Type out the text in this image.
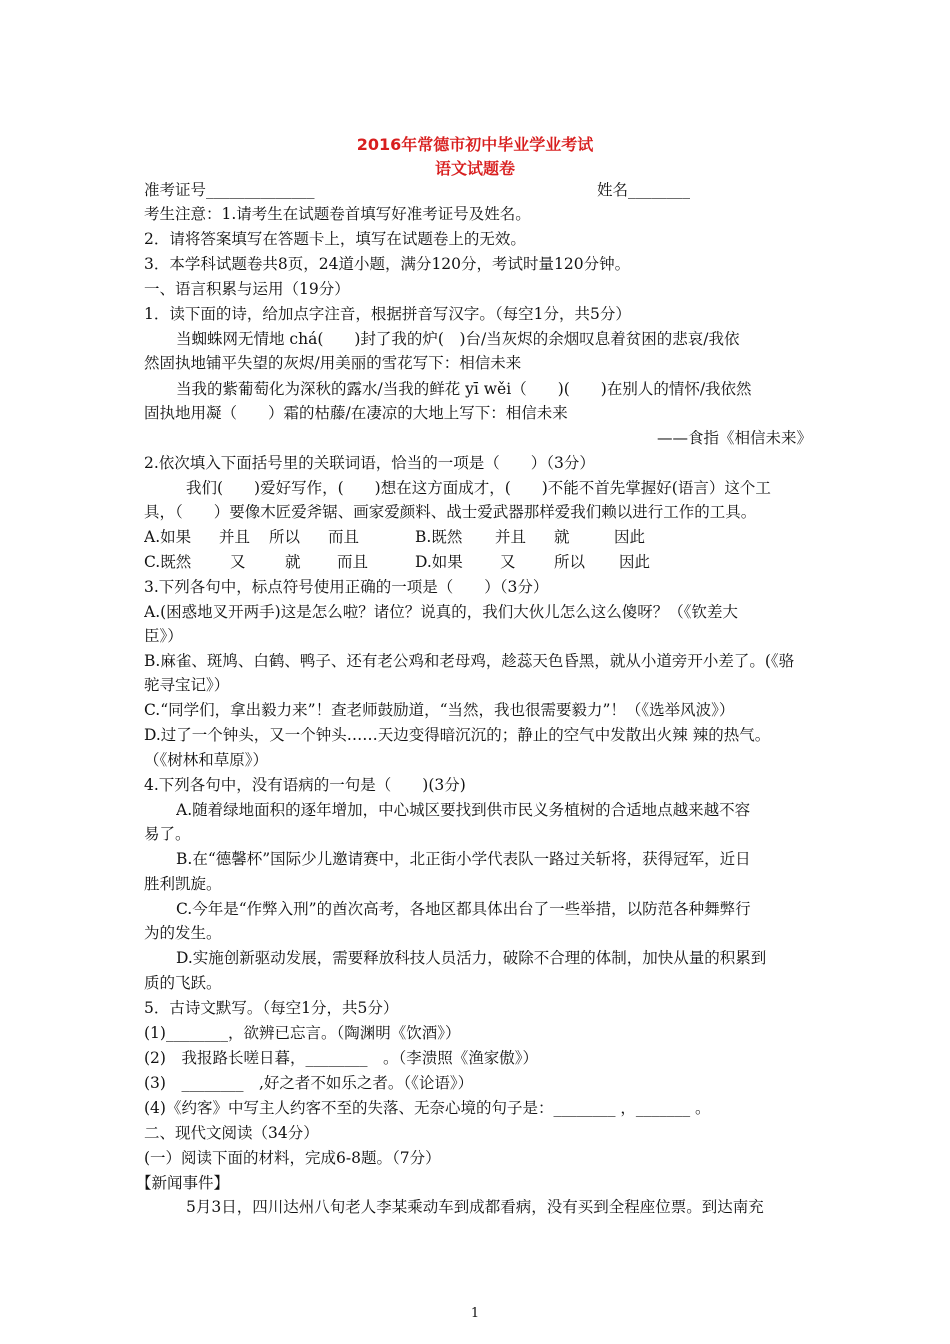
2016年常德市初中毕业学业考试
语文试题卷
准考证号______________	姓名________
考生注意：1.请考生在试题卷首填写好准考证号及姓名。
2．请将答案填写在答题卡上，填写在试题卷上的无效。
3．本学科试题卷共8页，24道小题，满分120分，考试时量120分钟。
一、语言积累与运用（19分）
1．读下面的诗，给加点字注音，根据拼音写汉字。（每空1分，共5分）
当蜘蛛网无情地 chá(　　)封了我的炉(　)台/当灰烬的余烟叹息着贫困的悲哀/我依
然固执地铺平失望的灰烬/用美丽的雪花写下：相信未来
当我的紫葡萄化为深秋的露水/当我的鲜花 yī wěi（　　)(　　)在别人的情怀/我依然
固执地用凝（　　）霜的枯藤/在凄凉的大地上写下：相信未来
——食指《相信未来》
2.依次填入下面括号里的关联词语，恰当的一项是（　　）（3分）
我们(　　)爱好写作，(　　)想在这方面成才，(　　)不能不首先掌握好(语言）这个工
具，（　　）要像木匠爱斧锯、画家爱颜料、战士爱武器那样爱我们赖以进行工作的工具。
A.如果 并且 所以 而且	B.既然 并且 就	因此
C.既然	又	就 而且	D.如果 又 所以 因此
3.下列各句中，标点符号使用正确的一项是（　　）（3分）
A.(困惑地叉开两手)这是怎么啦？诸位？说真的，我们大伙儿怎么这么傻呀？（《钦差大
臣》）
B.麻雀、斑鸠、白鹤、鸭子、还有老公鸡和老母鸡，趁蕊天色昏黑，就从小道旁开小差了。(《骆
驼寻宝记》）
C.“同学们，拿出毅力来”！查老师鼓励道，“当然，我也很需要毅力”！（《选举风波》）
D.过了一个钟头，又一个钟头……天边变得暗沉沉的；静止的空气中发散出火辣 辣的热气。
（《树林和草原》）
4.下列各句中，没有语病的一句是（　　)(3分)
A.随着绿地面积的逐年增加，中心城区要找到供市民义务植树的合适地点越来越不容
易了。
B.在“德馨杯”国际少儿邀请赛中，北正街小学代表队一路过关斩将，获得冠军，近日
胜利凯旋。
C.今年是“作弊入刑”的酋次高考，各地区都具体出台了一些举措，以防范各种舞弊行
为的发生。
D.实施创新驱动发展，需要释放科技人员活力，破除不合理的体制，加快从量的积累到
质的飞跃。
5．古诗文默写。（每空1分，共5分）
(1)________，欲辨已忘言。（陶渊明《饮酒》）
(2)　我报路长嗟日暮，________　。（李溃照《渔家傲》）
(3)　________　,好之者不如乐之者。（《论语》）
(4)《约客》中写主人约客不至的失落、无奈心境的句子是：________ ，_______ 。
二、现代文阅读（34分）
(一）阅读下面的材料，完成6-8题。（7分）
【新闻事件】
5月3日，四川达州八旬老人李某乘动车到成都看病，没有买到全程座位票。到达南充
1
